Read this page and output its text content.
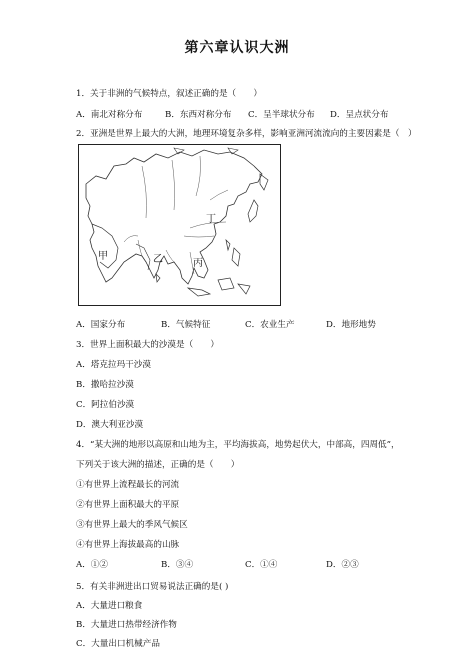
第六章认识大洲
1．关于非洲的气候特点，叙述正确的是（　　）
A．南北对称分布	B．东西对称分布 C．呈半球状分布 D．呈点状分布
2．亚洲是世界上最大的大洲，地理环境复杂多样，影响亚洲河流流向的主要因素是（　）
甲	乙	丙
丁
A．国家分布	B．气候特征	C．农业生产	D．地形地势
3．世界上面积最大的沙漠是（　　）
A．塔克拉玛干沙漠
B．撒哈拉沙漠
C．阿拉伯沙漠
D．澳大利亚沙漠
4．“某大洲的地形以高原和山地为主，平均海拔高，地势起伏大，中部高，四周低”，
下列关于该大洲的描述，正确的是（　　）
①有世界上流程最长的河流
②有世界上面积最大的平原
③有世界上最大的季风气候区
④有世界上海拔最高的山脉
A．①②	B．③④	C．①④	D．②③
5．有关非洲进出口贸易说法正确的是( )
A．大量进口粮食
B．大量进口热带经济作物
C．大量出口机械产品
